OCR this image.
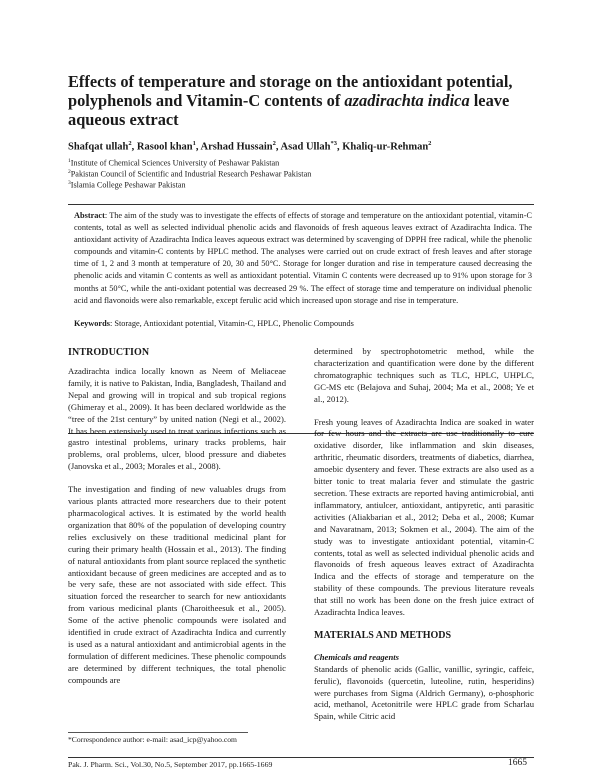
Effects of temperature and storage on the antioxidant potential,
polyphenols and Vitamin-C contents of azadirachta indica leave
aqueous extract
Shafqat ullah$^2$, Rasool khan$^1$, Arshad Hussain$^2$, Asad Ullah$^{*3}$, Khaliq-ur-Rehman$^2$
$^1$Institute of Chemical Sciences University of Peshawar Pakistan
$^2$Pakistan Council of Scientific and Industrial Research Peshawar Pakistan
$^3$Islamia College Peshawar Pakistan
Abstract: The aim of the study was to investigate the effects of effects of storage and temperature on the antioxidant potential, vitamin-C contents, total as well as selected individual phenolic acids and flavonoids of fresh aqueous leaves extract of Azadirachta Indica. The antioxidant activity of Azadirachta Indica leaves aqueous extract was determined by scavenging of DPPH free radical, while the phenolic compounds and vitamin-C contents by HPLC method. The analyses were carried out on crude extract of fresh leaves and after storage time of 1, 2 and 3 month at temperature of 20, 30 and 50°C. Storage for longer duration and rise in temperature caused decreasing the phenolic acids and vitamin C contents as well as antioxidant potential. Vitamin C contents were decreased up to 91% upon storage for 3 months at 50°C, while the anti-oxidant potential was decreased 29 %. The effect of storage time and temperature on individual phenolic acid and flavonoids were also remarkable, except ferulic acid which increased upon storage and rise in temperature.
Keywords: Storage, Antioxidant potential, Vitamin-C, HPLC, Phenolic Compounds
INTRODUCTION

Azadirachta indica locally known as Neem of Meliaceae family, it is native to Pakistan, India, Bangladesh, Thailand and Nepal and growing will in tropical and sub tropical regions (Ghimeray et al., 2009). It has been declared worldwide as the “tree of the 21st century” by united nation (Negi et al., 2002). It has been extensively used to treat various infections such as gastro intestinal problems, urinary tracks problems, hair problems, oral problems, ulcer, blood pressure and diabetes (Janovska et al., 2003; Morales et al., 2008).

The investigation and finding of new valuables drugs from various plants attracted more researchers due to their potent pharmacological actives. It is estimated by the world health organization that 80% of the population of developing country relies exclusively on these traditional medicinal plant for curing their primary health (Hossain et al., 2013). The finding of natural antioxidants from plant source replaced the synthetic antioxidant because of green medicines are accepted and as to be very safe, these are not associated with side effect. This situation forced the researcher to search for new antioxidants from various medicinal plants (Charoitheesuk et al., 2005). Some of the active phenolic compounds were isolated and identified in crude extract of Azadirachta Indica and currently is used as a natural antioxidant and antimicrobial agents in the formulation of different medicines. These phenolic compounds are determined by different techniques, the total phenolic compounds are

determined by spectrophotometric method, while the characterization and quantification were done by the different chromatographic techniques such as TLC, HPLC, UHPLC, GC-MS etc (Belajova and Suhaj, 2004; Ma et al., 2008; Ye et al., 2012).

Fresh young leaves of Azadirachta Indica are soaked in water for few hours and the extracts are use traditionally to cure oxidative disorder, like inflammation and skin diseases, arthritic, rheumatic disorders, treatments of diabetics, diarrhea, amoebic dysentery and fever. These extracts are also used as a bitter tonic to treat malaria fever and stimulate the gastric secretion. These extracts are reported having antimicrobial, anti inflammatory, antiulcer, antioxidant, antipyretic, anti parasitic activities (Aliakbarian et al., 2012; Deba et al., 2008; Kumar and Navaratnam, 2013; Sokmen et al., 2004). The aim of the study was to investigate antioxidant potential, vitamin-C contents, total as well as selected individual phenolic acids and flavonoids of fresh aqueous leaves extract of Azadirachta Indica and the effects of storage and temperature on the stability of these compounds. The previous literature reveals that still no work has been done on the fresh juice extract of Azadirachta Indica leaves.

MATERIALS AND METHODS
Chemicals and reagents

Standards of phenolic acids (Gallic, vanillic, syringic, caffeic, ferulic), flavonoids (quercetin, luteoline, rutin, hesperidins) were purchases from Sigma (Aldrich Germany), o-phosphoric acid, methanol, Acetonitrile were HPLC grade from Scharlau Spain, while Citric acid

*Correspondence author: e-mail: asad_icp@yahoo.com
Pak. J. Pharm. Sci., Vol.30, No.5, September 2017, pp.1665-1669	1665
